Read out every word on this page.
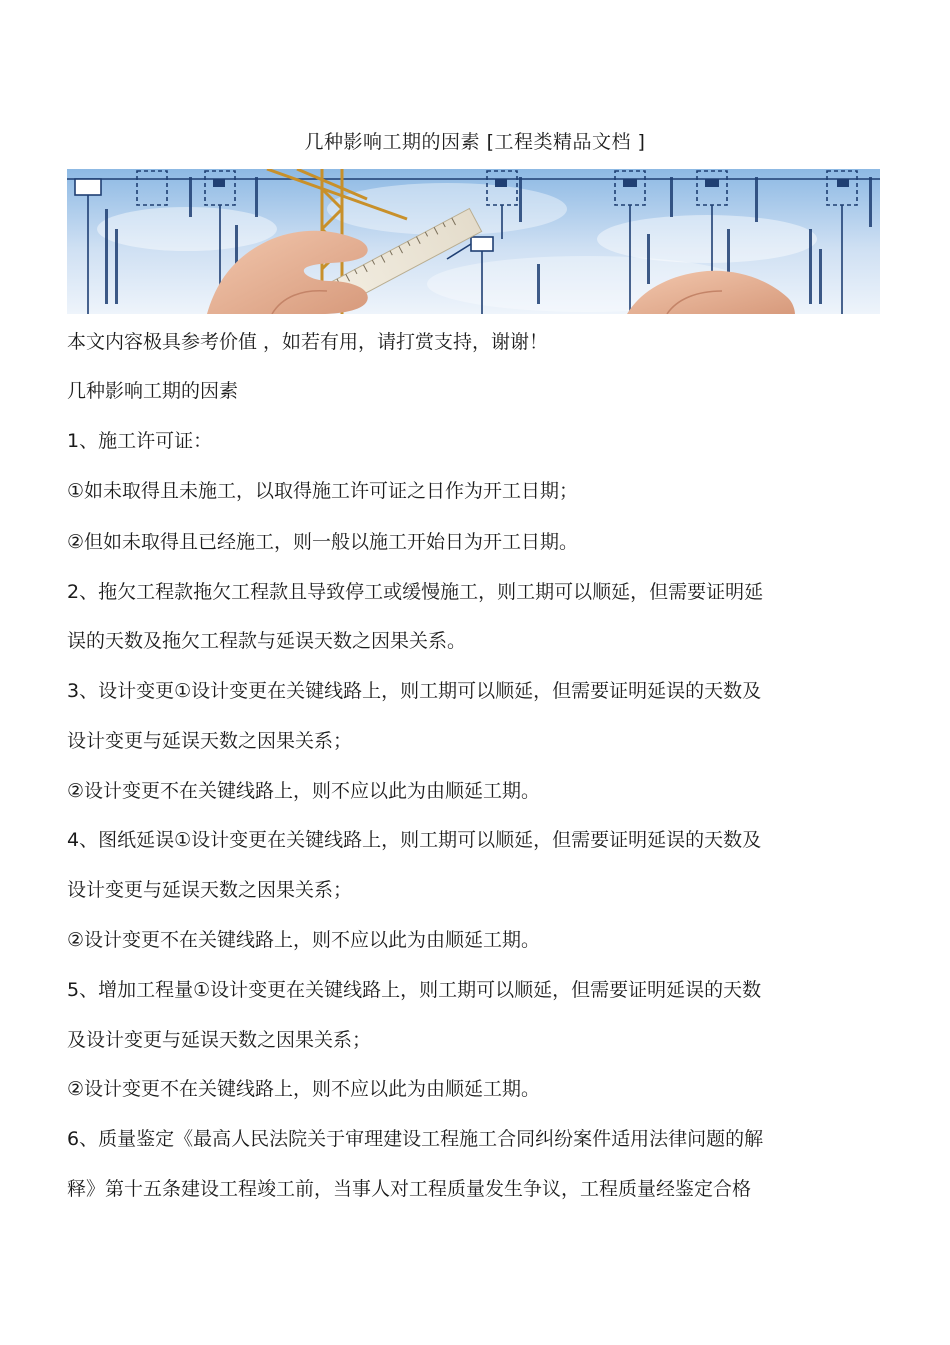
几种影响工期的因素 [工程类精品文档 ]
本文内容极具参考价值 ，如若有用，请打赏支持，谢谢！
几种影响工期的因素
1、施工许可证：
①如未取得且未施工，以取得施工许可证之日作为开工日期；
②但如未取得且已经施工，则一般以施工开始日为开工日期。
2、拖欠工程款拖欠工程款且导致停工或缓慢施工，则工期可以顺延，但需要证明延
误的天数及拖欠工程款与延误天数之因果关系。
3、设计变更①设计变更在关键线路上，则工期可以顺延，但需要证明延误的天数及
设计变更与延误天数之因果关系；
②设计变更不在关键线路上，则不应以此为由顺延工期。
4、图纸延误①设计变更在关键线路上，则工期可以顺延，但需要证明延误的天数及
设计变更与延误天数之因果关系；
②设计变更不在关键线路上，则不应以此为由顺延工期。
5、增加工程量①设计变更在关键线路上，则工期可以顺延，但需要证明延误的天数
及设计变更与延误天数之因果关系；
②设计变更不在关键线路上，则不应以此为由顺延工期。
6、质量鉴定《最高人民法院关于审理建设工程施工合同纠纷案件适用法律问题的解
释》第十五条建设工程竣工前，当事人对工程质量发生争议，工程质量经鉴定合格
